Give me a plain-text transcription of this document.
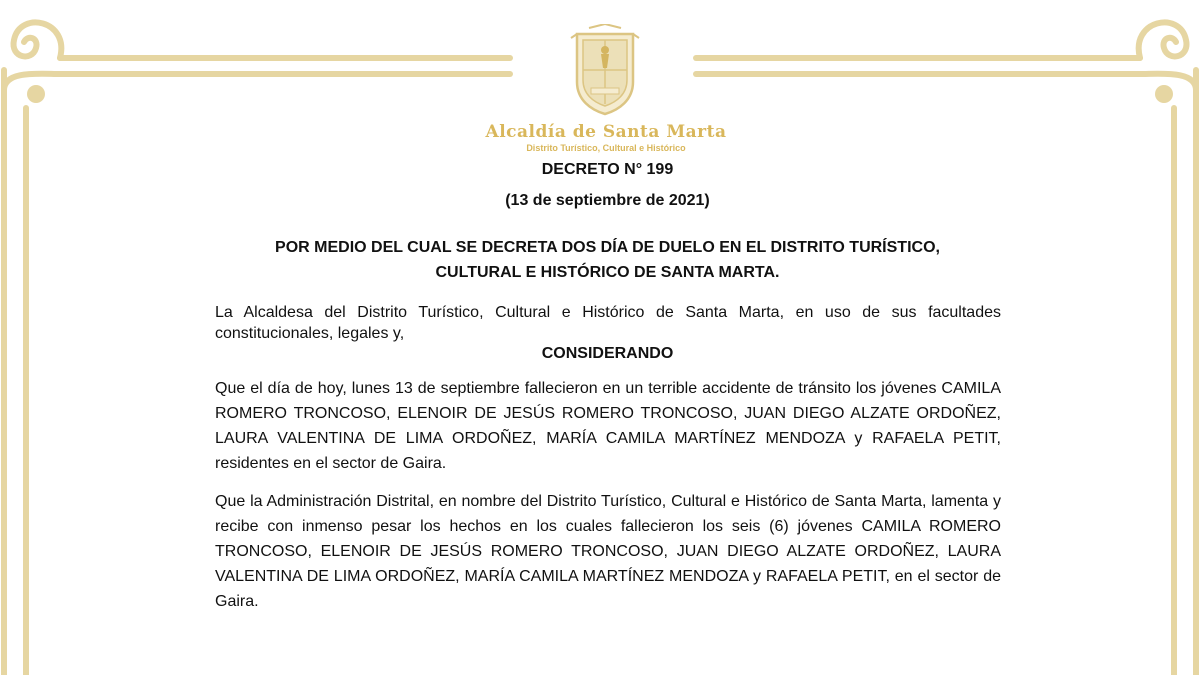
Alcaldía de Santa Marta
Distrito Turístico, Cultural e Histórico
DECRETO N° 199
(13 de septiembre de 2021)
POR MEDIO DEL CUAL SE DECRETA DOS DÍA DE DUELO EN EL DISTRITO TURÍSTICO,
CULTURAL E HISTÓRICO DE SANTA MARTA.
La Alcaldesa del Distrito Turístico, Cultural e Histórico de Santa Marta, en uso de sus facultades constitucionales, legales y,
CONSIDERANDO
Que el día de hoy, lunes 13 de septiembre fallecieron en un terrible accidente de tránsito los jóvenes CAMILA ROMERO TRONCOSO, ELENOIR DE JESÚS ROMERO TRONCOSO, JUAN DIEGO ALZATE ORDOÑEZ, LAURA VALENTINA DE LIMA ORDOÑEZ, MARÍA CAMILA MARTÍNEZ MENDOZA y RAFAELA PETIT, residentes en el sector de Gaira.
Que la Administración Distrital, en nombre del Distrito Turístico, Cultural e Histórico de Santa Marta, lamenta y recibe con inmenso pesar los hechos en los cuales fallecieron los seis (6) jóvenes CAMILA ROMERO TRONCOSO, ELENOIR DE JESÚS ROMERO TRONCOSO, JUAN DIEGO ALZATE ORDOÑEZ, LAURA VALENTINA DE LIMA ORDOÑEZ, MARÍA CAMILA MARTÍNEZ MENDOZA y RAFAELA PETIT, en el sector de Gaira.
